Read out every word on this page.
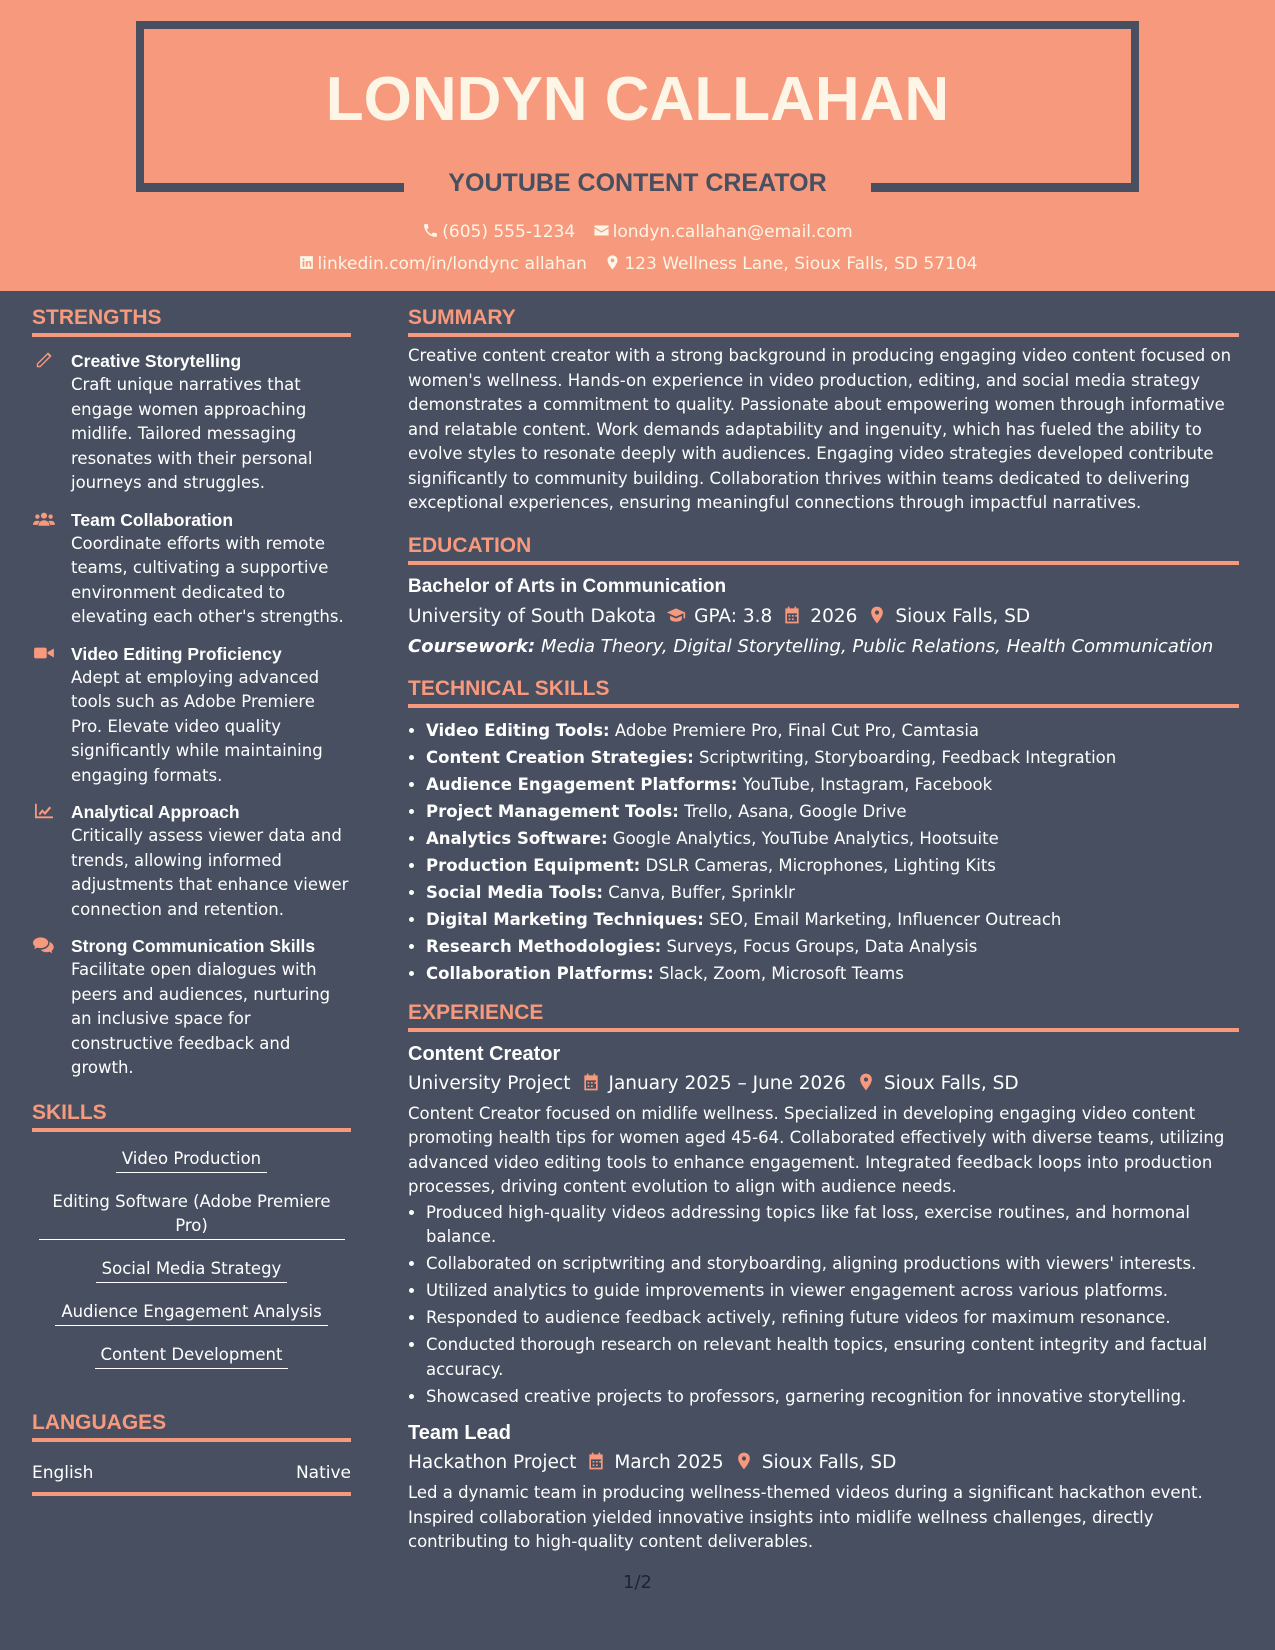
LONDYN CALLAHAN
YOUTUBE CONTENT CREATOR
(605) 555-1234 londyn.callahan@email.com
linkedin.com/in/londync allahan 123 Wellness Lane, Sioux Falls, SD 57104
STRENGTHS
Creative Storytelling
Craft unique narratives that engage women approaching midlife. Tailored messaging resonates with their personal journeys and struggles.
Team Collaboration
Coordinate efforts with remote teams, cultivating a supportive environment dedicated to elevating each other's strengths.
Video Editing Proficiency
Adept at employing advanced tools such as Adobe Premiere Pro. Elevate video quality significantly while maintaining engaging formats.
Analytical Approach
Critically assess viewer data and trends, allowing informed adjustments that enhance viewer connection and retention.
Strong Communication Skills
Facilitate open dialogues with peers and audiences, nurturing an inclusive space for constructive feedback and growth.
SKILLS
Video Production
Editing Software (Adobe Premiere Pro)
Social Media Strategy
Audience Engagement Analysis
Content Development
LANGUAGES
English	Native
SUMMARY
Creative content creator with a strong background in producing engaging video content focused on women's wellness. Hands-on experience in video production, editing, and social media strategy demonstrates a commitment to quality. Passionate about empowering women through informative and relatable content. Work demands adaptability and ingenuity, which has fueled the ability to evolve styles to resonate deeply with audiences. Engaging video strategies developed contribute significantly to community building. Collaboration thrives within teams dedicated to delivering exceptional experiences, ensuring meaningful connections through impactful narratives.
EDUCATION
Bachelor of Arts in Communication
University of South Dakota GPA: 3.8 2026 Sioux Falls, SD
Coursework: Media Theory, Digital Storytelling, Public Relations, Health Communication
TECHNICAL SKILLS
• Video Editing Tools: Adobe Premiere Pro, Final Cut Pro, Camtasia
• Content Creation Strategies: Scriptwriting, Storyboarding, Feedback Integration
• Audience Engagement Platforms: YouTube, Instagram, Facebook
• Project Management Tools: Trello, Asana, Google Drive
• Analytics Software: Google Analytics, YouTube Analytics, Hootsuite
• Production Equipment: DSLR Cameras, Microphones, Lighting Kits
• Social Media Tools: Canva, Buffer, Sprinklr
• Digital Marketing Techniques: SEO, Email Marketing, Influencer Outreach
• Research Methodologies: Surveys, Focus Groups, Data Analysis
• Collaboration Platforms: Slack, Zoom, Microsoft Teams
EXPERIENCE
Content Creator
University Project January 2025 – June 2026 Sioux Falls, SD
Content Creator focused on midlife wellness. Specialized in developing engaging video content promoting health tips for women aged 45-64. Collaborated effectively with diverse teams, utilizing advanced video editing tools to enhance engagement. Integrated feedback loops into production processes, driving content evolution to align with audience needs.
• Produced high-quality videos addressing topics like fat loss, exercise routines, and hormonal balance.
• Collaborated on scriptwriting and storyboarding, aligning productions with viewers' interests.
• Utilized analytics to guide improvements in viewer engagement across various platforms.
• Responded to audience feedback actively, refining future videos for maximum resonance.
• Conducted thorough research on relevant health topics, ensuring content integrity and factual accuracy.
• Showcased creative projects to professors, garnering recognition for innovative storytelling.
Team Lead
Hackathon Project March 2025 Sioux Falls, SD
Led a dynamic team in producing wellness-themed videos during a significant hackathon event. Inspired collaboration yielded innovative insights into midlife wellness challenges, directly contributing to high-quality content deliverables.
1/2
